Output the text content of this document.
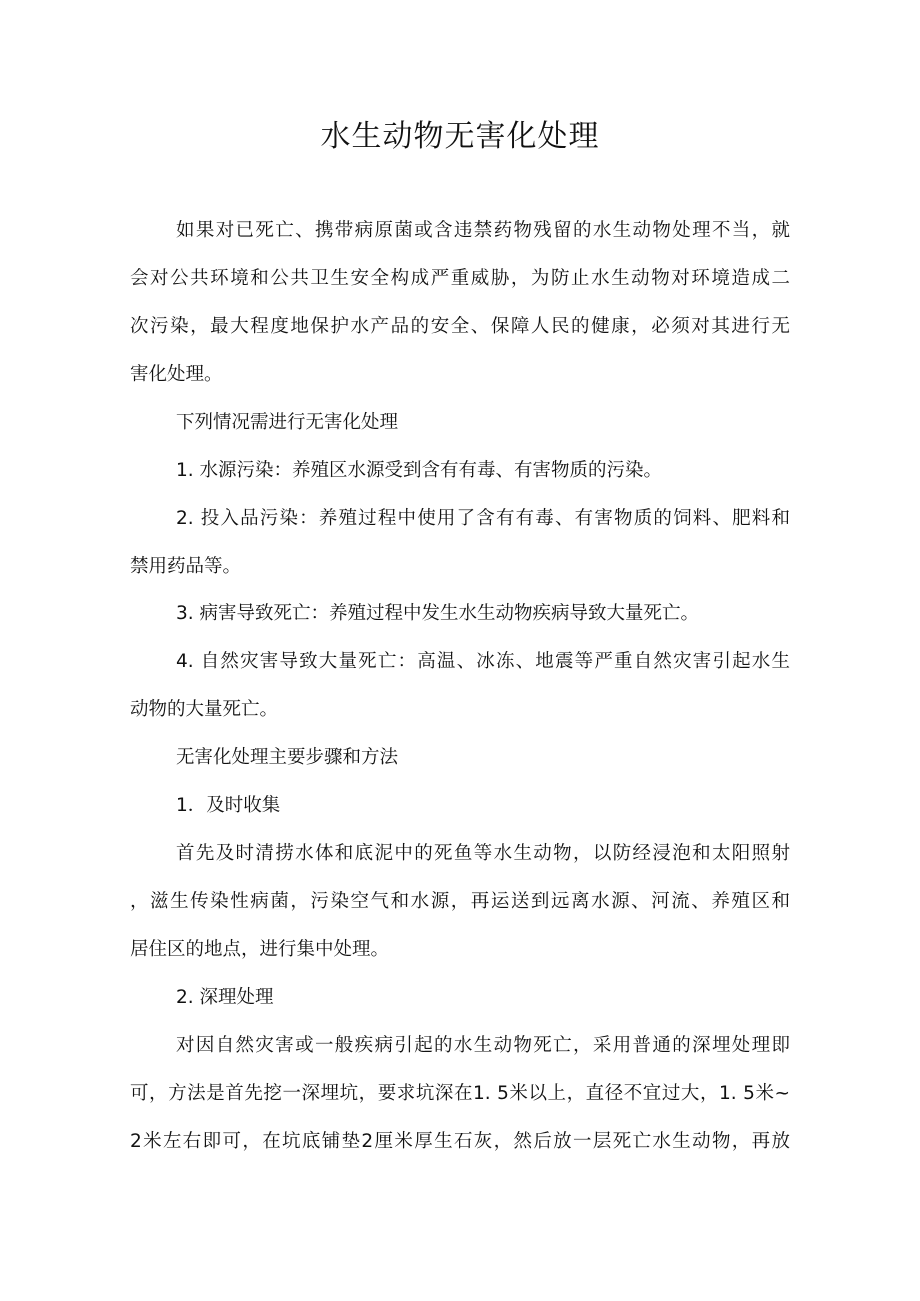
水生动物无害化处理

如果对已死亡、携带病原菌或含违禁药物残留的水生动物处理不当，就

会对公共环境和公共卫生安全构成严重威胁，为防止水生动物对环境造成二

次污染，最大程度地保护水产品的安全、保障人民的健康，必须对其进行无

害化处理。

下列情况需进行无害化处理

1. 水源污染：养殖区水源受到含有有毒、有害物质的污染。

2. 投入品污染：养殖过程中使用了含有有毒、有害物质的饲料、肥料和

禁用药品等。

3. 病害导致死亡：养殖过程中发生水生动物疾病导致大量死亡。

4. 自然灾害导致大量死亡：高温、冰冻、地震等严重自然灾害引起水生

动物的大量死亡。

无害化处理主要步骤和方法

1．及时收集

首先及时清捞水体和底泥中的死鱼等水生动物，以防经浸泡和太阳照射

，滋生传染性病菌，污染空气和水源，再运送到远离水源、河流、养殖区和

居住区的地点，进行集中处理。

2. 深理处理

对因自然灾害或一般疾病引起的水生动物死亡，采用普通的深埋处理即

可，方法是首先挖一深埋坑，要求坑深在1. 5米以上，直径不宜过大，1. 5米~

2米左右即可，在坑底铺垫2厘米厚生石灰，然后放一层死亡水生动物，再放
